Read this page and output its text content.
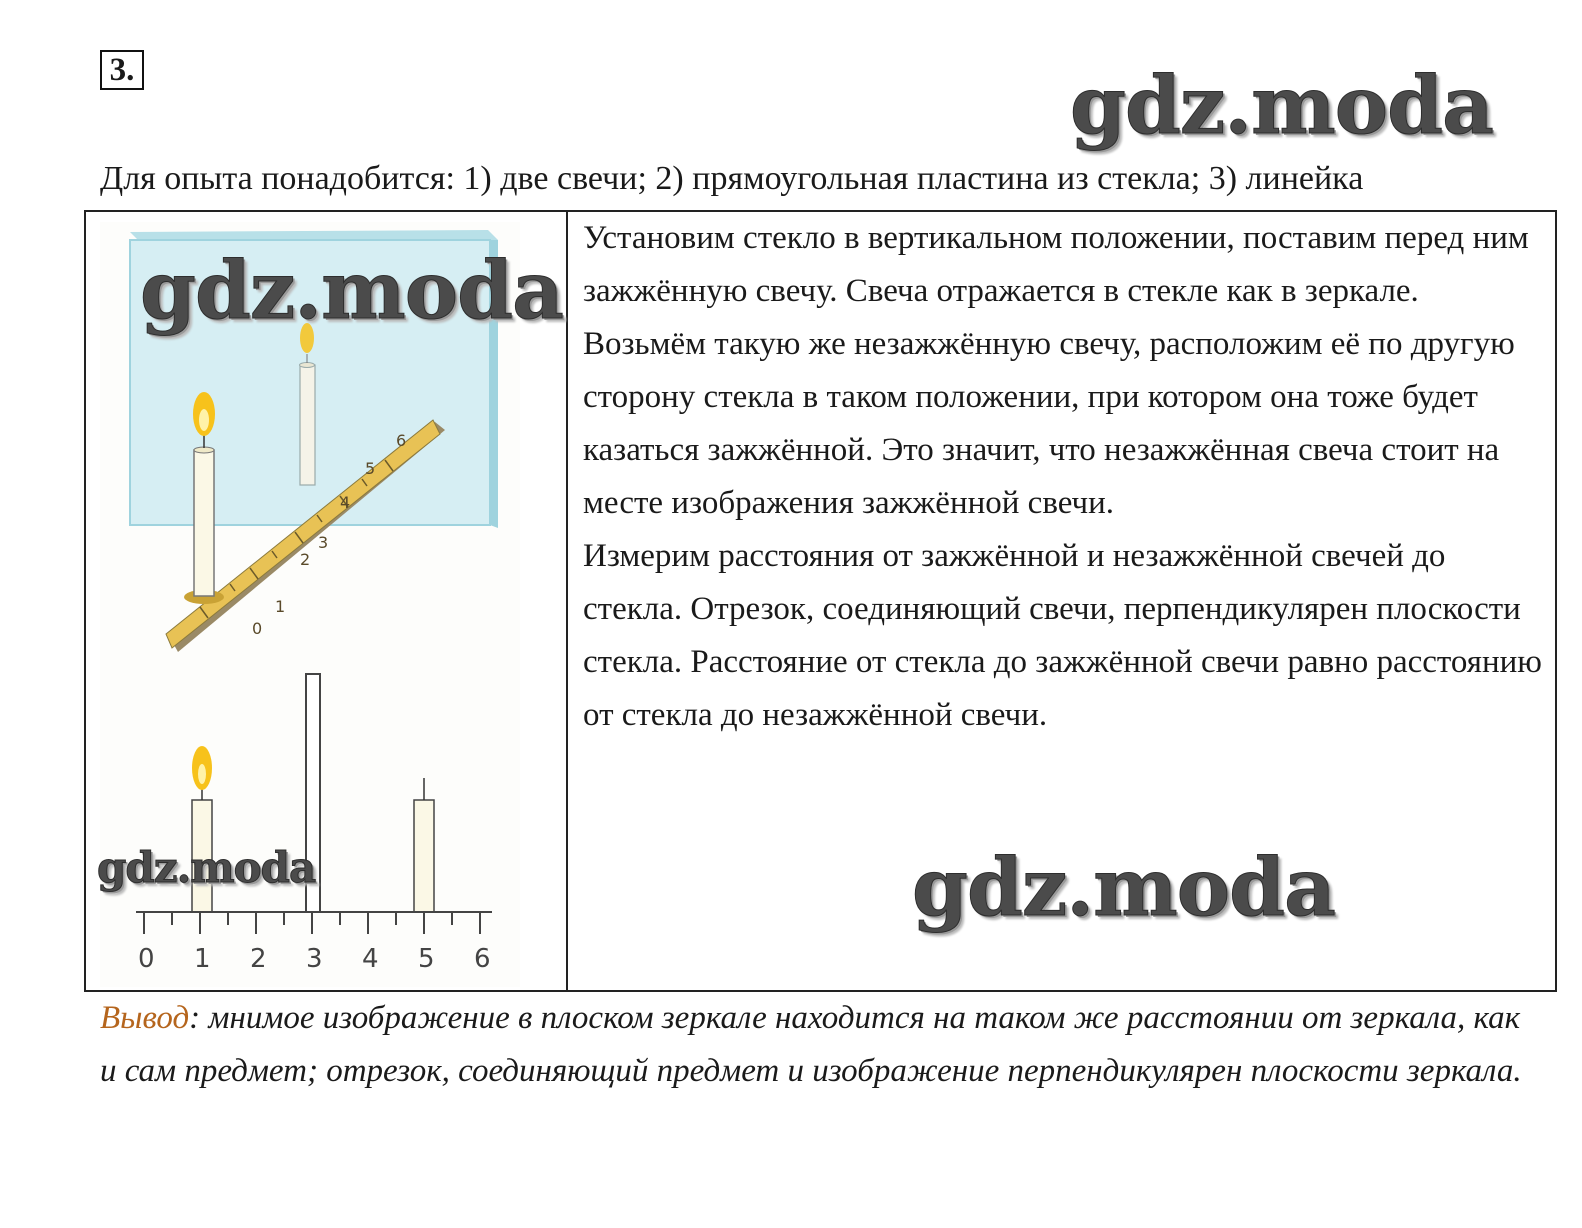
3.	gdz.moda
Для опыта понадобится: 1) две свечи; 2) прямоугольная пластина из стекла; 3) линейка
0
1
2
3
4
5
6
0 1 2 3 4 5 6
gdz.moda
gdz.moda

Установим стекло в вертикальном положении, поставим перед ним зажжённую свечу. Свеча отражается в стекле как в зеркале.

Возьмём такую же незажжённую свечу, расположим её по другую сторону стекла в таком положении, при котором она тоже будет казаться зажжённой. Это значит, что незажжённая свеча стоит на месте изображения зажжённой свечи.

Измерим расстояния от зажжённой и незажжённой свечей до стекла. Отрезок, соединяющий свечи, перпендикулярен плоскости стекла. Расстояние от стекла до зажжённой свечи равно расстоянию от стекла до незажжённой свечи.

gdz.moda
Вывод: мнимое изображение в плоском зеркале находится на таком же расстоянии от зеркала, как и сам предмет; отрезок, соединяющий предмет и изображение перпендикулярен плоскости зеркала.
